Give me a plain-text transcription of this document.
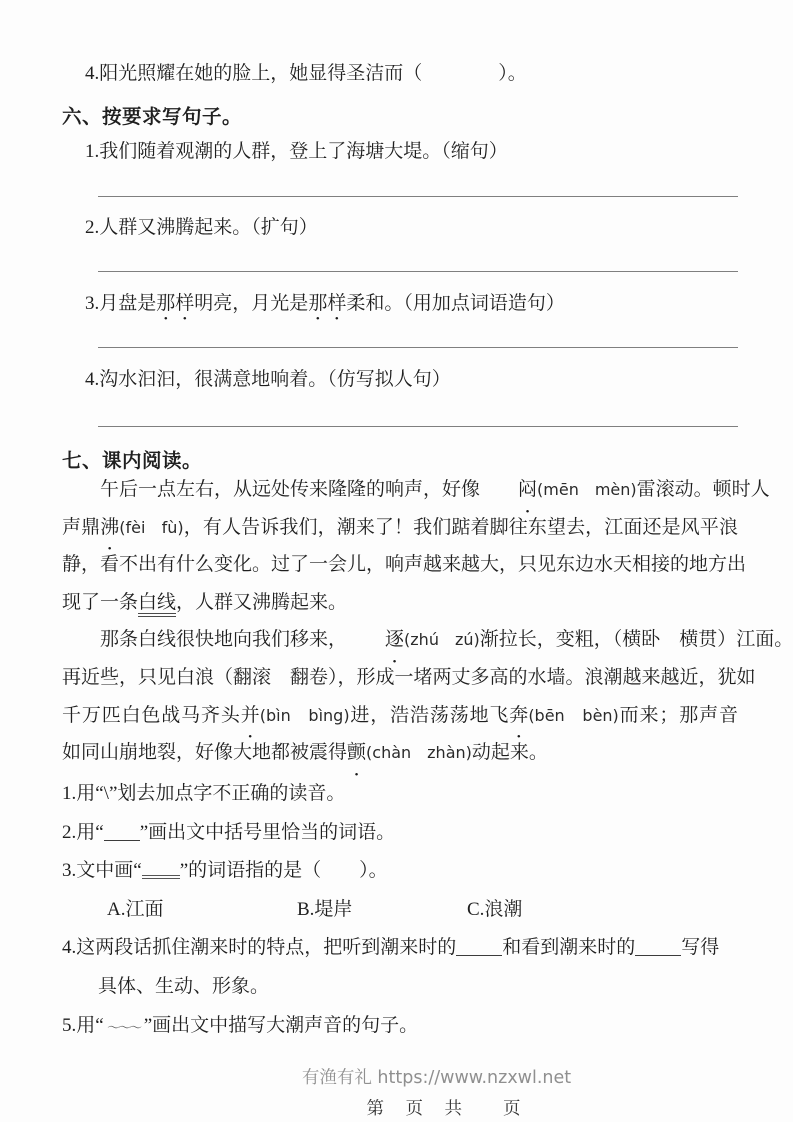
4.阳光照耀在她的脸上，她显得圣洁而（　　　　）。
六、按要求写句子。
1.我们随着观潮的人群，登上了海塘大堤。（缩句）
2.人群又沸腾起来。（扩句）
3.月盘是那样明亮，月光是那样柔和。（用加点词语造句）
4.沟水汩汩，很满意地响着。（仿写拟人句）
七、课内阅读。
午后一点左右，从远处传来隆隆的响声，好像 闷(mēn　mèn)雷滚动。顿时人
声鼎沸(fèi　fù)，有人告诉我们，潮来了！我们踮着脚往东望去，江面还是风平浪
静，看不出有什么变化。过了一会儿，响声越来越大，只见东边水天相接的地方出
现了一条白线，人群又沸腾起来。
那条白线很快地向我们移来， 逐(zhú　zú)渐拉长，变粗，（横卧　横贯）江面。
再近些，只见白浪（翻滚　翻卷），形成一堵两丈多高的水墙。浪潮越来越近，犹如
千万匹白色战马齐头并(bìn　bìng)进，浩浩荡荡地飞奔(bēn　bèn)而来；那声音
如同山崩地裂，好像大地都被震得颤(chàn　zhàn)动起来。
1.用“\”划去加点字不正确的读音。
2.用“ ”画出文中括号里恰当的词语。
3.文中画“ ”的词语指的是（　　）。
A.江面	B.堤岸	C.浪潮
4.这两段话抓住潮来时的特点，把听到潮来时的 和看到潮来时的 写得
具体、生动、形象。
5.用“ ～～～ ”画出文中描写大潮声音的句子。
有渔有礼 https://www.nzxwl.net
第　页　共　　页
